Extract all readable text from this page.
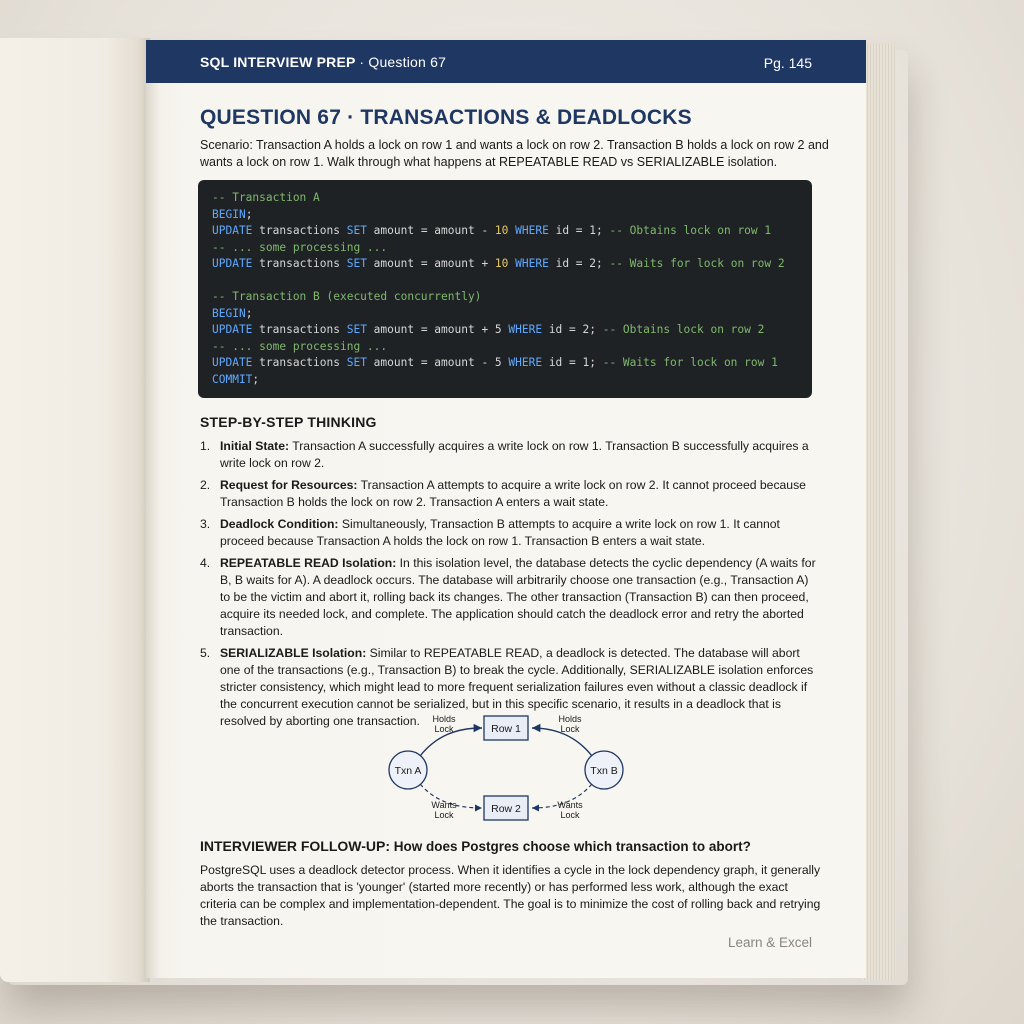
SQL INTERVIEW PREP · Question 67	Pg. 145
QUESTION 67 · TRANSACTIONS & DEADLOCKS
Scenario: Transaction A holds a lock on row 1 and wants a lock on row 2. Transaction B holds a lock on row 2 and wants a lock on row 1. Walk through what happens at REPEATABLE READ vs SERIALIZABLE isolation.
-- Transaction A
BEGIN;
UPDATE transactions SET amount = amount - 10 WHERE id = 1; -- Obtains lock on row 1
-- ... some processing ...
UPDATE transactions SET amount = amount + 10 WHERE id = 2; -- Waits for lock on row 2

-- Transaction B (executed concurrently)
BEGIN;
UPDATE transactions SET amount = amount + 5 WHERE id = 2; -- Obtains lock on row 2
-- ... some processing ...
UPDATE transactions SET amount = amount - 5 WHERE id = 1; -- Waits for lock on row 1
COMMIT;
STEP-BY-STEP THINKING
1. Initial State: Transaction A successfully acquires a write lock on row 1. Transaction B successfully acquires a write lock on row 2.
2. Request for Resources: Transaction A attempts to acquire a write lock on row 2. It cannot proceed because Transaction B holds the lock on row 2. Transaction A enters a wait state.
3. Deadlock Condition: Simultaneously, Transaction B attempts to acquire a write lock on row 1. It cannot proceed because Transaction A holds the lock on row 1. Transaction B enters a wait state.
4. REPEATABLE READ Isolation: In this isolation level, the database detects the cyclic dependency (A waits for B, B waits for A). A deadlock occurs. The database will arbitrarily choose one transaction (e.g., Transaction A) to be the victim and abort it, rolling back its changes. The other transaction (Transaction B) can then proceed, acquire its needed lock, and complete. The application should catch the deadlock error and retry the aborted transaction.
5. SERIALIZABLE Isolation: Similar to REPEATABLE READ, a deadlock is detected. The database will abort one of the transactions (e.g., Transaction B) to break the cycle. Additionally, SERIALIZABLE isolation enforces stricter consistency, which might lead to more frequent serialization failures even without a classic deadlock if the concurrent execution cannot be serialized, but in this specific scenario, it results in a deadlock that is resolved by aborting one transaction.
Row 1
Row 2
Txn A	Txn B
Holds
Lock
Holds
Lock
Wants
Lock
Wants
Lock
INTERVIEWER FOLLOW-UP: How does Postgres choose which transaction to abort?
PostgreSQL uses a deadlock detector process. When it identifies a cycle in the lock dependency graph, it generally aborts the transaction that is 'younger' (started more recently) or has performed less work, although the exact criteria can be complex and implementation-dependent. The goal is to minimize the cost of rolling back and retrying the transaction.
Learn & Excel
